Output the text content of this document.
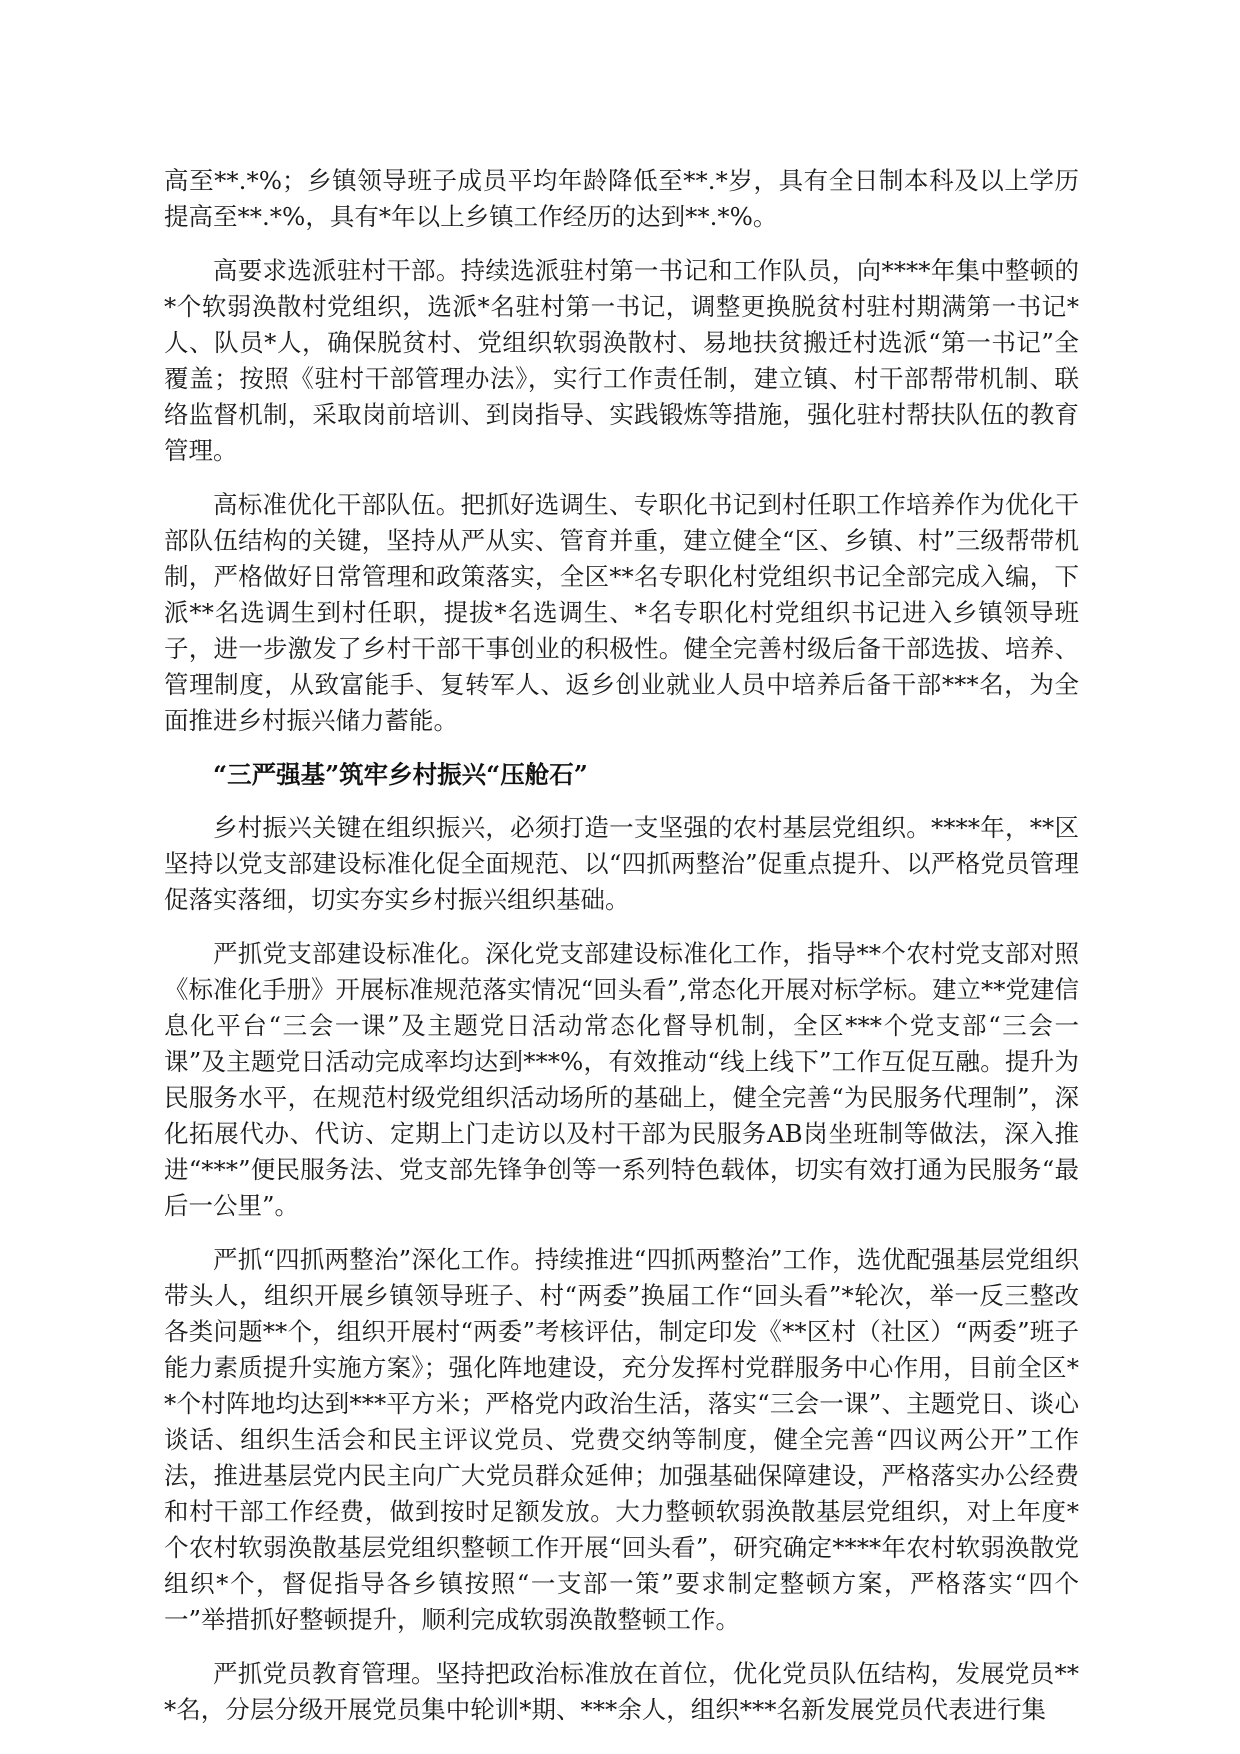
高至**.*%；乡镇领导班子成员平均年龄降低至**.*岁，具有全日制本科及以上学历提高至**.*%，具有*年以上乡镇工作经历的达到**.*%。

高要求选派驻村干部。持续选派驻村第一书记和工作队员，向****年集中整顿的*个软弱涣散村党组织，选派*名驻村第一书记，调整更换脱贫村驻村期满第一书记*人、队员*人，确保脱贫村、党组织软弱涣散村、易地扶贫搬迁村选派“第一书记”全覆盖；按照《驻村干部管理办法》，实行工作责任制，建立镇、村干部帮带机制、联络监督机制，采取岗前培训、到岗指导、实践锻炼等措施，强化驻村帮扶队伍的教育管理。

高标准优化干部队伍。把抓好选调生、专职化书记到村任职工作培养作为优化干部队伍结构的关键，坚持从严从实、管育并重，建立健全“区、乡镇、村”三级帮带机制，严格做好日常管理和政策落实，全区**名专职化村党组织书记全部完成入编，下派**名选调生到村任职，提拔*名选调生、*名专职化村党组织书记进入乡镇领导班子，进一步激发了乡村干部干事创业的积极性。健全完善村级后备干部选拔、培养、管理制度，从致富能手、复转军人、返乡创业就业人员中培养后备干部***名，为全面推进乡村振兴储力蓄能。

“三严强基”筑牢乡村振兴“压舱石”

乡村振兴关键在组织振兴，必须打造一支坚强的农村基层党组织。****年，**区坚持以党支部建设标准化促全面规范、以“四抓两整治”促重点提升、以严格党员管理促落实落细，切实夯实乡村振兴组织基础。

严抓党支部建设标准化。深化党支部建设标准化工作，指导**个农村党支部对照《标准化手册》开展标准规范落实情况“回头看”,常态化开展对标学标。建立**党建信息化平台“三会一课”及主题党日活动常态化督导机制，全区***个党支部“三会一课”及主题党日活动完成率均达到***%，有效推动“线上线下”工作互促互融。提升为民服务水平，在规范村级党组织活动场所的基础上，健全完善“为民服务代理制”，深化拓展代办、代访、定期上门走访以及村干部为民服务AB岗坐班制等做法，深入推进“***”便民服务法、党支部先锋争创等一系列特色载体，切实有效打通为民服务“最后一公里”。

严抓“四抓两整治”深化工作。持续推进“四抓两整治”工作，选优配强基层党组织带头人，组织开展乡镇领导班子、村“两委”换届工作“回头看”*轮次，举一反三整改各类问题**个，组织开展村“两委”考核评估，制定印发《**区村（社区）“两委”班子能力素质提升实施方案》；强化阵地建设，充分发挥村党群服务中心作用，目前全区**个村阵地均达到***平方米；严格党内政治生活，落实“三会一课”、主题党日、谈心谈话、组织生活会和民主评议党员、党费交纳等制度，健全完善“四议两公开”工作法，推进基层党内民主向广大党员群众延伸；加强基础保障建设，严格落实办公经费和村干部工作经费，做到按时足额发放。大力整顿软弱涣散基层党组织，对上年度*个农村软弱涣散基层党组织整顿工作开展“回头看”，研究确定****年农村软弱涣散党组织*个，督促指导各乡镇按照“一支部一策”要求制定整顿方案，严格落实“四个一”举措抓好整顿提升，顺利完成软弱涣散整顿工作。

严抓党员教育管理。坚持把政治标准放在首位，优化党员队伍结构，发展党员***名，分层分级开展党员集中轮训*期、***余人，组织***名新发展党员代表进行集
